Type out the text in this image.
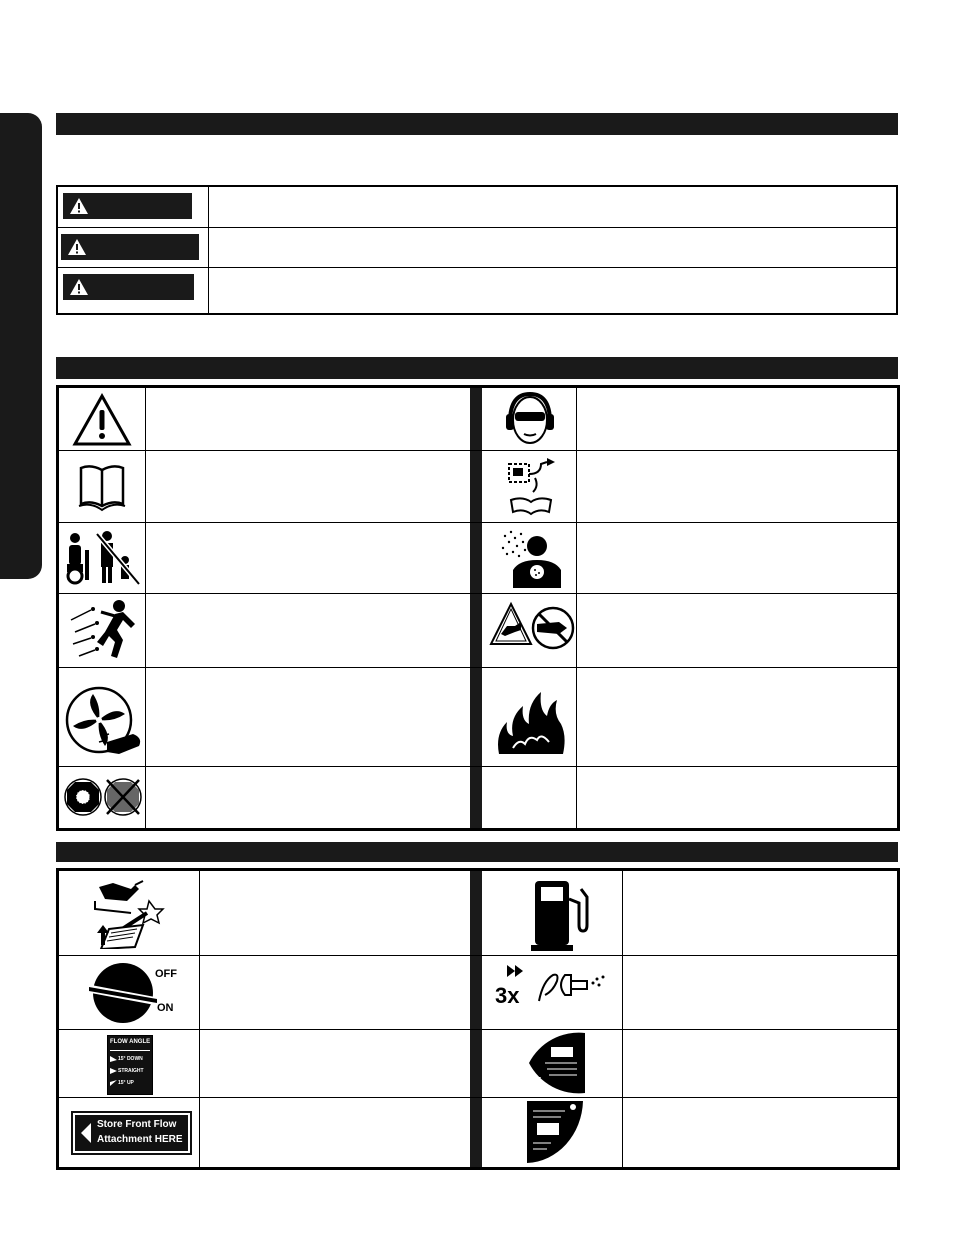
OFF
ON	3x
FLOW ANGLE
15° DOWN
STRAIGHT
15° UP
Store Front Flow
Attachment HERE
